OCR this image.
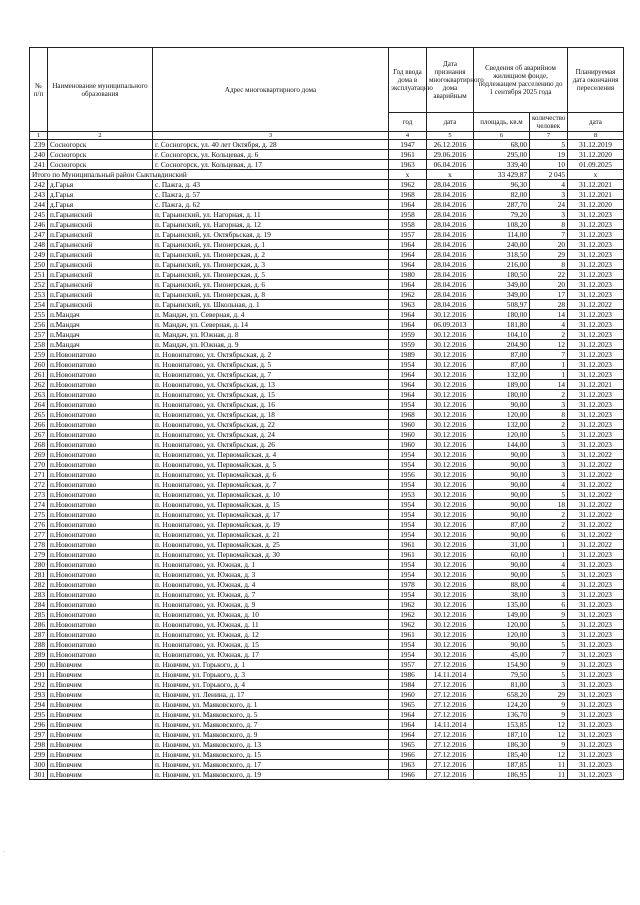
№ п/п	Наименование муниципального образования	Адрес многоквартирного дома	Год ввода дома в эксплуатацию	Дата признания многоквартирного дома аварийным	Сведения об аварийном жилищном фонде, подлежащем расселению до 1 сентября 2025 года		Планируемая дата окончания переселения
			год	дата	площадь, кв.м	количество человек	дата
1	2	3	4	5	6	7	8
239	Сосногорск	г. Сосногорск, ул. 40 лет Октября, д. 28	1947	26.12.2016	68,00	5	31.12.2019
240	Сосногорск	г. Сосногорск, ул. Кольцевая, д. 6	1961	29.06.2016	295,00	19	31.12.2020
241	Сосногорск	г. Сосногорск, ул. Кольцевая, д. 17	1963	06.04.2016	339,40	10	01.09.2025
Итого по Муниципальный район Сыктывдинский			x	x	33 429,87	2 045	x
242	д.Гарья	с. Пажга, д. 43	1962	28.04.2016	96,30	4	31.12.2021
243	д.Гарья	с. Пажга, д. 57	1968	28.04.2016	82,00	3	31.12.2021
244	д.Гарья	с. Пажга, д. 62	1964	28.04.2016	287,70	24	31.12.2020
245	п.Гарьинский	п. Гарьинский, ул. Нагорная, д. 11	1958	28.04.2016	79,20	3	31.12.2023
246	п.Гарьинский	п. Гарьинский, ул. Нагорная, д. 12	1958	28.04.2016	108,20	8	31.12.2023
247	п.Гарьинский	п. Гарьинский, ул. Октябрьская, д. 19	1957	28.04.2016	114,00	7	31.12.2023
248	п.Гарьинский	п. Гарьинский, ул. Пионерская, д. 1	1964	28.04.2016	240,00	20	31.12.2023
249	п.Гарьинский	п. Гарьинский, ул. Пионерская, д. 2	1964	28.04.2016	318,50	29	31.12.2023
250	п.Гарьинский	п. Гарьинский, ул. Пионерская, д. 3	1964	28.04.2016	216,00	8	31.12.2023
251	п.Гарьинский	п. Гарьинский, ул. Пионерская, д. 5	1980	28.04.2016	180,50	22	31.12.2023
252	п.Гарьинский	п. Гарьинский, ул. Пионерская, д. 6	1964	28.04.2016	349,00	20	31.12.2023
253	п.Гарьинский	п. Гарьинский, ул. Пионерская, д. 8	1962	28.04.2016	349,00	17	31.12.2023
254	п.Гарьинский	п. Гарьинский, ул. Школьная, д. 1	1963	28.04.2016	508,97	28	31.12.2022
255	п.Мандач	п. Мандач, ул. Северная, д. 4	1964	30.12.2016	180,00	14	31.12.2023
256	п.Мандач	п. Мандач, ул. Северная, д. 14	1964	06.09.2013	181,80	4	31.12.2023
257	п.Мандач	п. Мандач, ул. Южная, д. 8	1959	30.12.2016	104,10	2	31.12.2023
258	п.Мандач	п. Мандач, ул. Южная, д. 9	1959	30.12.2016	204,90	12	31.12.2023
259	п.Новоипатово	п. Новоипатово, ул. Октябрьская, д. 2	1989	30.12.2016	87,00	7	31.12.2023
260	п.Новоипатово	п. Новоипатово, ул. Октябрьская, д. 5	1954	30.12.2016	87,00	1	31.12.2023
261	п.Новоипатово	п. Новоипатово, ул. Октябрьская, д. 7	1964	30.12.2016	132,00	1	31.12.2023
262	п.Новоипатово	п. Новоипатово, ул. Октябрьская, д. 13	1964	30.12.2016	189,00	14	31.12.2021
263	п.Новоипатово	п. Новоипатово, ул. Октябрьская, д. 15	1964	30.12.2016	180,00	2	31.12.2023
264	п.Новоипатово	п. Новоипатово, ул. Октябрьская, д. 16	1954	30.12.2016	90,00	3	31.12.2023
265	п.Новоипатово	п. Новоипатово, ул. Октябрьская, д. 18	1968	30.12.2016	120,00	8	31.12.2023
266	п.Новоипатово	п. Новоипатово, ул. Октябрьская, д. 22	1960	30.12.2016	132,00	2	31.12.2023
267	п.Новоипатово	п. Новоипатово, ул. Октябрьская, д. 24	1960	30.12.2016	120,00	5	31.12.2023
268	п.Новоипатово	п. Новоипатово, ул. Октябрьская, д. 26	1960	30.12.2016	144,00	3	31.12.2023
269	п.Новоипатово	п. Новоипатово, ул. Первомайская, д. 4	1954	30.12.2016	90,00	3	31.12.2022
270	п.Новоипатово	п. Новоипатово, ул. Первомайская, д. 5	1954	30.12.2016	90,00	3	31.12.2022
271	п.Новоипатово	п. Новоипатово, ул. Первомайская, д. 6	1956	30.12.2016	90,00	3	31.12.2022
272	п.Новоипатово	п. Новоипатово, ул. Первомайская, д. 7	1954	30.12.2016	90,00	4	31.12.2022
273	п.Новоипатово	п. Новоипатово, ул. Первомайская, д. 10	1953	30.12.2016	90,00	5	31.12.2022
274	п.Новоипатово	п. Новоипатово, ул. Первомайская, д. 15	1954	30.12.2016	90,00	18	31.12.2022
275	п.Новоипатово	п. Новоипатово, ул. Первомайская, д. 17	1954	30.12.2016	90,00	2	31.12.2022
276	п.Новоипатово	п. Новоипатово, ул. Первомайская, д. 19	1954	30.12.2016	87,00	2	31.12.2022
277	п.Новоипатово	п. Новоипатово, ул. Первомайская, д. 21	1954	30.12.2016	90,00	6	31.12.2022
278	п.Новоипатово	п. Новоипатово, ул. Первомайская, д. 25	1961	30.12.2016	31,00	1	31.12.2022
279	п.Новоипатово	п. Новоипатово, ул. Первомайская, д. 30	1961	30.12.2016	60,00	1	31.12.2023
280	п.Новоипатово	п. Новоипатово, ул. Южная, д. 1	1954	30.12.2016	90,00	4	31.12.2023
281	п.Новоипатово	п. Новоипатово, ул. Южная, д. 3	1954	30.12.2016	90,00	5	31.12.2023
282	п.Новоипатово	п. Новоипатово, ул. Южная, д. 4	1978	30.12.2016	88,00	4	31.12.2023
283	п.Новоипатово	п. Новоипатово, ул. Южная, д. 7	1954	30.12.2016	38,00	3	31.12.2023
284	п.Новоипатово	п. Новоипатово, ул. Южная, д. 9	1962	30.12.2016	135,00	6	31.12.2023
285	п.Новоипатово	п. Новоипатово, ул. Южная, д. 10	1962	30.12.2016	149,00	9	31.12.2023
286	п.Новоипатово	п. Новоипатово, ул. Южная, д. 11	1962	30.12.2016	120,00	5	31.12.2023
287	п.Новоипатово	п. Новоипатово, ул. Южная, д. 12	1961	30.12.2016	120,00	3	31.12.2023
288	п.Новоипатово	п. Новоипатово, ул. Южная, д. 15	1954	30.12.2016	90,00	5	31.12.2023
289	п.Новоипатово	п. Новоипатово, ул. Южная, д. 17	1954	30.12.2016	45,00	7	31.12.2023
290	п.Нювчим	п. Нювчим, ул. Горького, д. 1	1957	27.12.2016	154,90	9	31.12.2023
291	п.Нювчим	п. Нювчим, ул. Горького, д. 3	1986	14.11.2014	79,50	5	31.12.2023
292	п.Нювчим	п. Нювчим, ул. Горького, д. 4	1984	27.12.2016	81,00	3	31.12.2023
293	п.Нювчим	п. Нювчим, ул. Ленина, д. 17	1960	27.12.2016	658,20	29	31.12.2023
294	п.Нювчим	п. Нювчим, ул. Маяковского, д. 1	1965	27.12.2016	124,20	9	31.12.2023
295	п.Нювчим	п. Нювчим, ул. Маяковского, д. 5	1964	27.12.2016	136,70	9	31.12.2023
296	п.Нювчим	п. Нювчим, ул. Маяковского, д. 7	1964	14.11.2014	153,85	12	31.12.2023
297	п.Нювчим	п. Нювчим, ул. Маяковского, д. 9	1964	27.12.2016	187,10	12	31.12.2023
298	п.Нювчим	п. Нювчим, ул. Маяковского, д. 13	1965	27.12.2016	186,30	9	31.12.2023
299	п.Нювчим	п. Нювчим, ул. Маяковского, д. 15	1966	27.12.2016	185,40	12	31.12.2023
300	п.Нювчим	п. Нювчим, ул. Маяковского, д. 17	1963	27.12.2016	187,85	11	31.12.2023
301	п.Нювчим	п. Нювчим, ул. Маяковского, д. 19	1966	27.12.2016	186,95	11	31.12.2023
.
